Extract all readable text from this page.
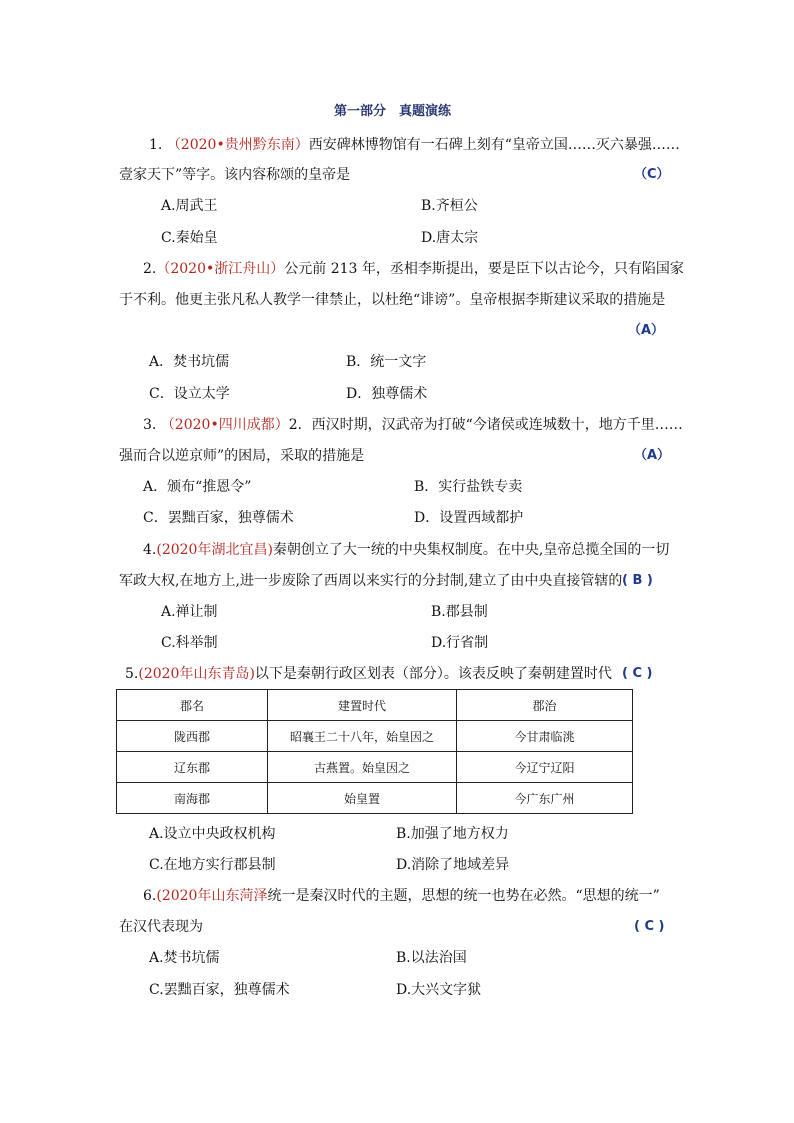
第一部分　真题演练
1. （2020•贵州黔东南）西安碑林博物馆有一石碑上刻有“皇帝立国……灭六暴强……
壹家天下”等字。该内容称颂的皇帝是	（C）
A.周武王	B.齐桓公
C.秦始皇	D.唐太宗
2.（2020•浙江舟山）公元前 213 年，丞相李斯提出，要是臣下以古论今，只有陷国家
于不利。他更主张凡私人教学一律禁止，以杜绝“诽谤”。皇帝根据李斯建议采取的措施是
（A）
A．焚书坑儒	B．统一文字
C．设立太学	D．独尊儒术
3. （2020•四川成都）2．西汉时期，汉武帝为打破“今诸侯或连城数十，地方千里……
强而合以逆京师”的困局，采取的措施是	（A）
A．颁布“推恩令”	B．实行盐铁专卖
C．罢黜百家，独尊儒术	D．设置西域都护
4.(2020年湖北宜昌)秦朝创立了大一统的中央集权制度。在中央,皇帝总揽全国的一切
军政大权,在地方上,进一步废除了西周以来实行的分封制,建立了由中央直接管辖的 ( B )
A.禅让制	B.郡县制
C.科举制	D.行省制
5.(2020年山东青岛)以下是秦朝行政区划表（部分）。该表反映了秦朝建置时代 ( C )
郡名	建置时代	郡治
陇西郡	昭襄王二十八年，始皇因之	今甘肃临洮
辽东郡	古燕置。始皇因之	今辽宁辽阳
南海郡	始皇置	今广东广州
A.设立中央政权机构	B.加强了地方权力
C.在地方实行郡县制	D.消除了地域差异
6.(2020年山东菏泽统一是秦汉时代的主题，思想的统一也势在必然。“思想的统一”
在汉代表现为	( C )
A.焚书坑儒	B.以法治国
C.罢黜百家，独尊儒术	D.大兴文字狱
